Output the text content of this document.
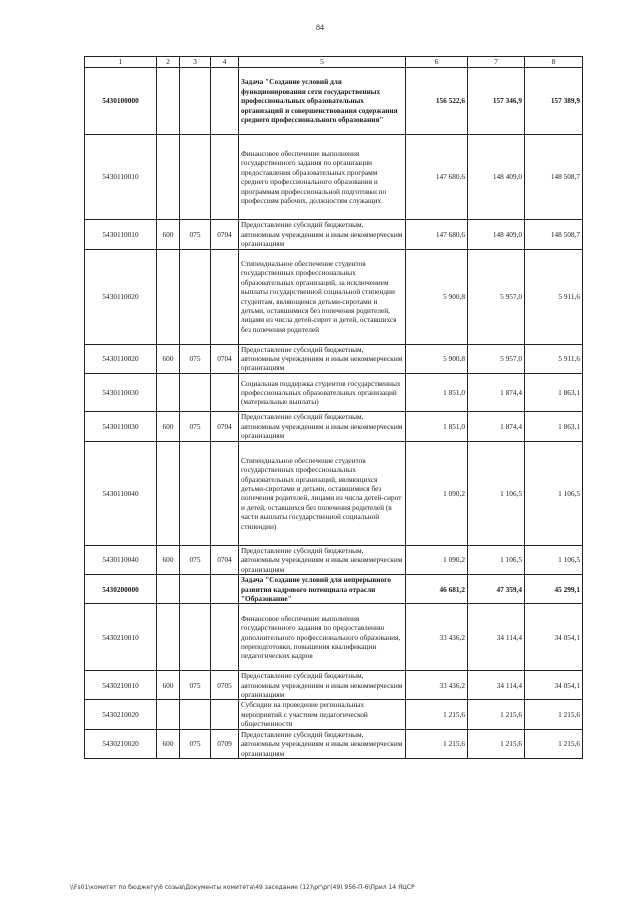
84
1	2	3	4	5	6	7	8
5430100000				Задача "Создание условий для функционирования сети государственных профессиональных образовательных организаций и совершенствования содержания среднего профессионального образования"	156 522,6	157 346,9	157 389,9
5430110010				Финансовое обеспечение выполнения государственного задания по организации предоставления образовательных программ среднего профессионального образования и программам профессиональной подготовки по профессиям рабочих, должностям служащих	147 680,6	148 409,0	148 508,7
5430110010	600	075	0704	Предоставление субсидий бюджетным, автономным учреждениям и иным некоммерческим организациям	147 680,6	148 409,0	148 508,7
5430110020				Стипендиальное обеспечение студентов государственных профессиональных образовательных организаций, за исключением выплаты государственной социальной стипендии студентам, являющимся детьми-сиротами и детьми, оставшимися без попечения родителей, лицами из числа детей-сирот и детей, оставшихся без попечения родителей	5 900,8	5 957,0	5 911,6
5430110020	600	075	0704	Предоставление субсидий бюджетным, автономным учреждениям и иным некоммерческим организациям	5 900,8	5 957,0	5 911,6
5430110030				Социальная поддержка студентов государственных профессиональных образовательных организаций (материальные выплаты)	1 851,0	1 874,4	1 863,1
5430110030	600	075	0704	Предоставление субсидий бюджетным, автономным учреждениям и иным некоммерческим организациям	1 851,0	1 874,4	1 863,1
5430110040				Стипендиальное обеспечение студентов государственных профессиональных образовательных организаций, являющихся детьми-сиротами и детьми, оставшимися без попечения родителей, лицами из числа детей-сирот и детей, оставшихся без попечения родителей (в части выплаты государственной социальной стипендии)	1 090,2	1 106,5	1 106,5
5430110040	600	075	0704	Предоставление субсидий бюджетным, автономным учреждениям и иным некоммерческим организациям	1 090,2	1 106,5	1 106,5
5430200000				Задача "Создание условий для непрерывного развития кадрового потенциала отрасли "Образование"	46 681,2	47 359,4	45 299,1
5430210010				Финансовое обеспечение выполнения государственного задания по предоставлению дополнительного профессионального образования, переподготовки, повышения квалификации педагогических кадров	33 436,2	34 114,4	34 054,1
5430210010	600	075	0705	Предоставление субсидий бюджетным, автономным учреждениям и иным некоммерческим организациям	33 436,2	34 114,4	34 054,1
5430210020				Субсидии на проведение региональных мероприятий с участием педагогической общественности	1 215,6	1 215,6	1 215,6
5430210020	600	075	0709	Предоставление субсидий бюджетным, автономным учреждениям и иным некоммерческим организациям	1 215,6	1 215,6	1 215,6
\\Fs01\комитет по бюджету\6 созыв\Документы комитета\49 заседание (12)\рг\рг(49) 956-П-6\Прил 14 ЯЦСР
